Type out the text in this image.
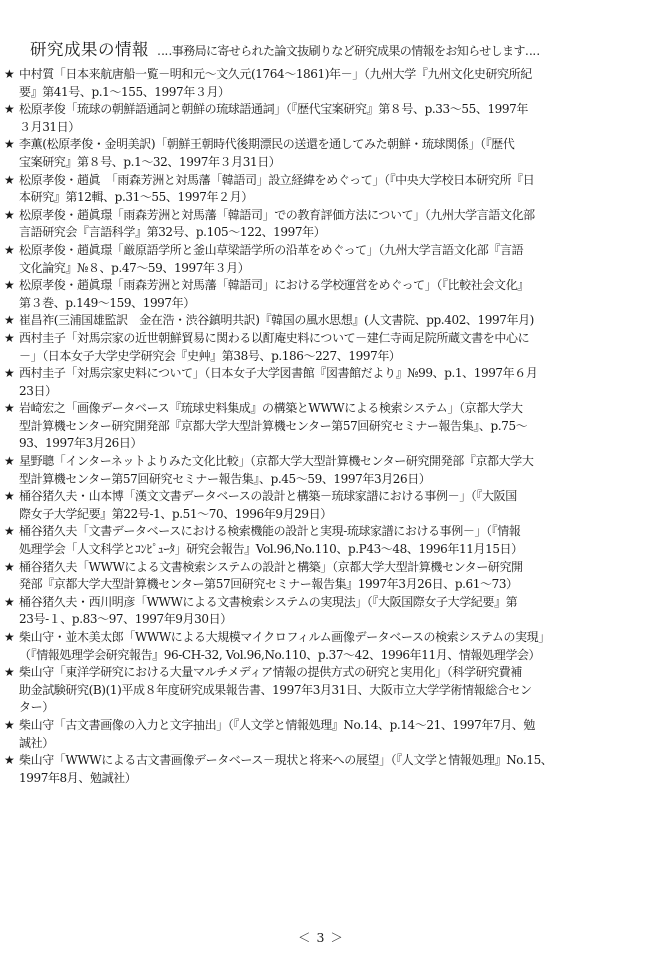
研究成果の情報 ‥‥事務局に寄せられた論文抜刷りなど研究成果の情報をお知らせします‥‥
★ 中村質「日本来航唐船一覧－明和元～文久元(1764～1861)年－」（九州大学『九州文化史研究所紀
要』第41号、p.1～155、1997年３月）
★ 松原孝俊「琉球の朝鮮語通詞と朝鮮の琉球語通詞」（『歴代宝案研究』第８号、p.33～55、1997年
３月31日）
★ 李薫(松原孝俊・金明美訳)「朝鮮王朝時代後期漂民の送還を通してみた朝鮮・琉球関係」（『歴代
宝案研究』第８号、p.1～32、1997年３月31日）
★ 松原孝俊・趙眞　「雨森芳洲と対馬藩「韓語司」設立経緯をめぐって」（『中央大学校日本研究所『日
本研究』第12輯、p.31～55、1997年２月）
★ 松原孝俊・趙眞璟「雨森芳洲と対馬藩「韓語司」での教育評価方法について」（九州大学言語文化部
言語研究会『言語科学』第32号、p.105～122、1997年）
★ 松原孝俊・趙眞璟「厳原語学所と釜山草梁語学所の沿革をめぐって」（九州大学言語文化部『言語
文化論究』№８、p.47～59、1997年３月）
★ 松原孝俊・趙眞璟「雨森芳洲と対馬藩「韓語司」における学校運営をめぐって」（『比較社会文化』
第３巻、p.149～159、1997年）
★ 崔昌祚(三浦国雄監訳　金在浩・渋谷鎮明共訳)『韓国の風水思想』(人文書院、pp.402、1997年月)
★ 西村圭子「対馬宗家の近世朝鮮貿易に関わる以酊庵史料について－建仁寺両足院所蔵文書を中心に
－」（日本女子大学史学研究会『史艸』第38号、p.186～227、1997年）
★ 西村圭子「対馬宗家史料について」（日本女子大学図書館『図書館だより』№99、p.1、1997年６月
23日）
★ 岩崎宏之「画像データベース『琉球史料集成』の構築とWWWによる検索システム」（京都大学大
型計算機センター研究開発部『京都大学大型計算機センター第57回研究セミナー報告集』、p.75～
93、1997年3月26日）
★ 星野聰「インターネットよりみた文化比較」（京都大学大型計算機センター研究開発部『京都大学大
型計算機センター第57回研究セミナー報告集』、p.45～59、1997年3月26日）
★ 桶谷猪久夫・山本博「漢文文書データベースの設計と構築－琉球家譜における事例－」（『大阪国
際女子大学紀要』第22号-1、p.51～70、1996年9月29日）
★ 桶谷猪久夫「文書データベースにおける検索機能の設計と実現-琉球家譜における事例－」（『情報
処理学会「人文科学とｺﾝﾋﾟｭｰﾀ」研究会報告』Vol.96,No.110、p.P43～48、1996年11月15日）
★ 桶谷猪久夫「WWWによる文書検索システムの設計と構築」（京都大学大型計算機センター研究開
発部『京都大学大型計算機センター第57回研究セミナー報告集』1997年3月26日、p.61～73）
★ 桶谷猪久夫・西川明彦「WWWによる文書検索システムの実現法」（『大阪国際女子大学紀要』第
23号-１、p.83～97、1997年9月30日）
★ 柴山守・並木美太郎「WWWによる大規模マイクロフィルム画像データベースの検索システムの実現」
（『情報処理学会研究報告』96-CH-32, Vol.96,No.110、p.37～42、1996年11月、情報処理学会）
★ 柴山守「東洋学研究における大量マルチメディア情報の提供方式の研究と実用化」（科学研究費補
助金試験研究(B)(1)平成８年度研究成果報告書、1997年3月31日、大阪市立大学学術情報総合セン
ター）
★ 柴山守「古文書画像の入力と文字抽出」（『人文学と情報処理』No.14、p.14～21、1997年7月、勉
誠社）
★ 柴山守「WWWによる古文書画像データベース－現状と将来への展望」（『人文学と情報処理』No.15、
1997年8月、勉誠社）
＜ 3 ＞
